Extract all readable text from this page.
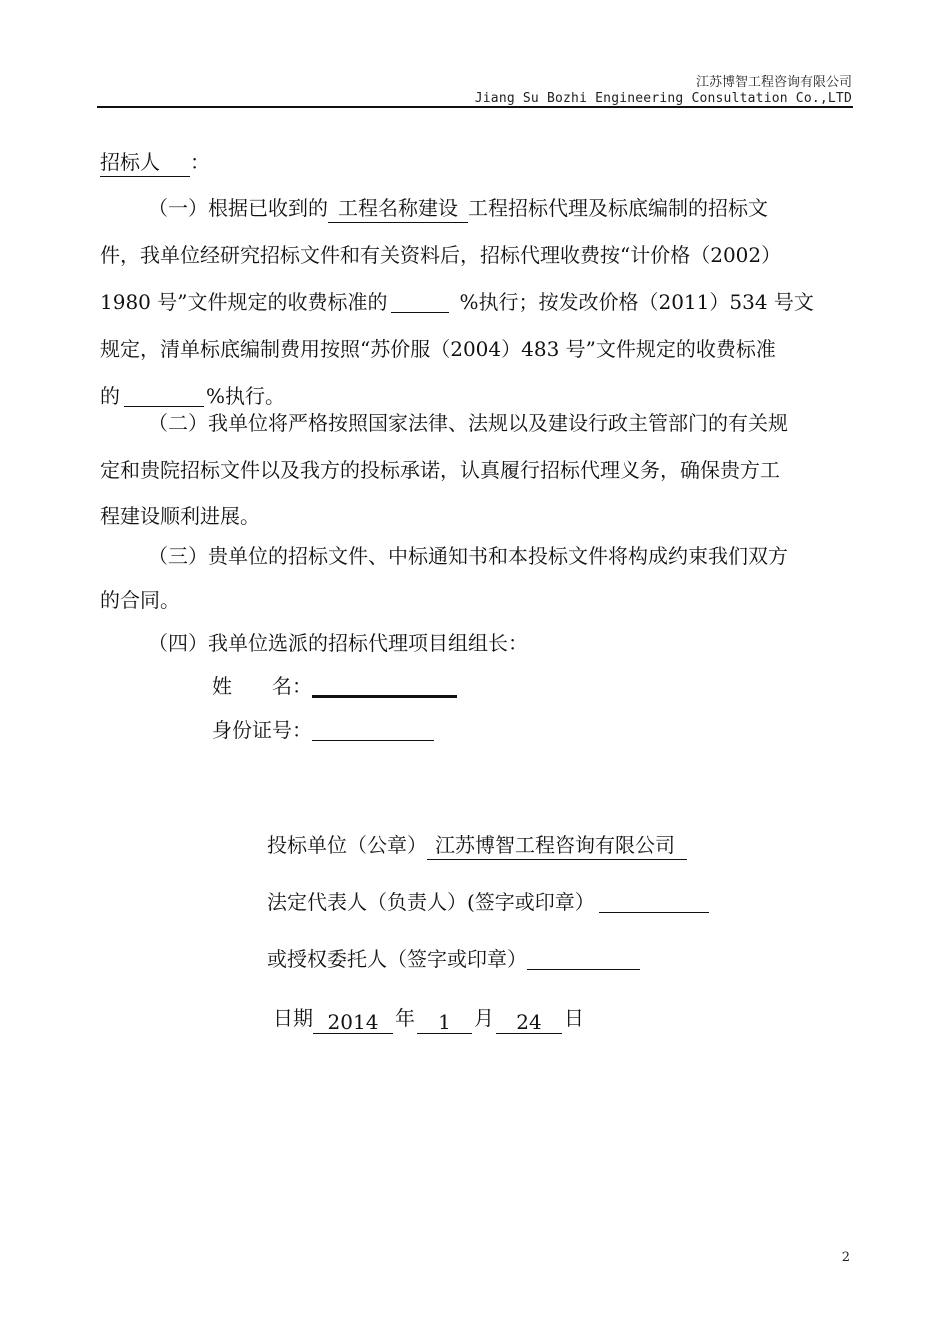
江苏博智工程咨询有限公司
Jiang Su Bozhi Engineering Consultation Co.,LTD
招标人 ：
（一）根据已收到的 工程名称建设 工程招标代理及标底编制的招标文
件，我单位经研究招标文件和有关资料后，招标代理收费按“计价格（2002）
1980 号”文件规定的收费标准的	%执行；按发改价格（2011）534 号文
规定，清单标底编制费用按照“苏价服（2004）483 号”文件规定的收费标准
的	%执行。
（二）我单位将严格按照国家法律、法规以及建设行政主管部门的有关规
定和贵院招标文件以及我方的投标承诺，认真履行招标代理义务，确保贵方工
程建设顺利进展。
（三）贵单位的招标文件、中标通知书和本投标文件将构成约束我们双方
的合同。
（四）我单位选派的招标代理项目组组长：
姓　　名：
身份证号：
投标单位（公章） 江苏博智工程咨询有限公司
法定代表人（负责人）(签字或印章）
或授权委托人（签字或印章）
日期 2014 年 1 月 24 日
2
